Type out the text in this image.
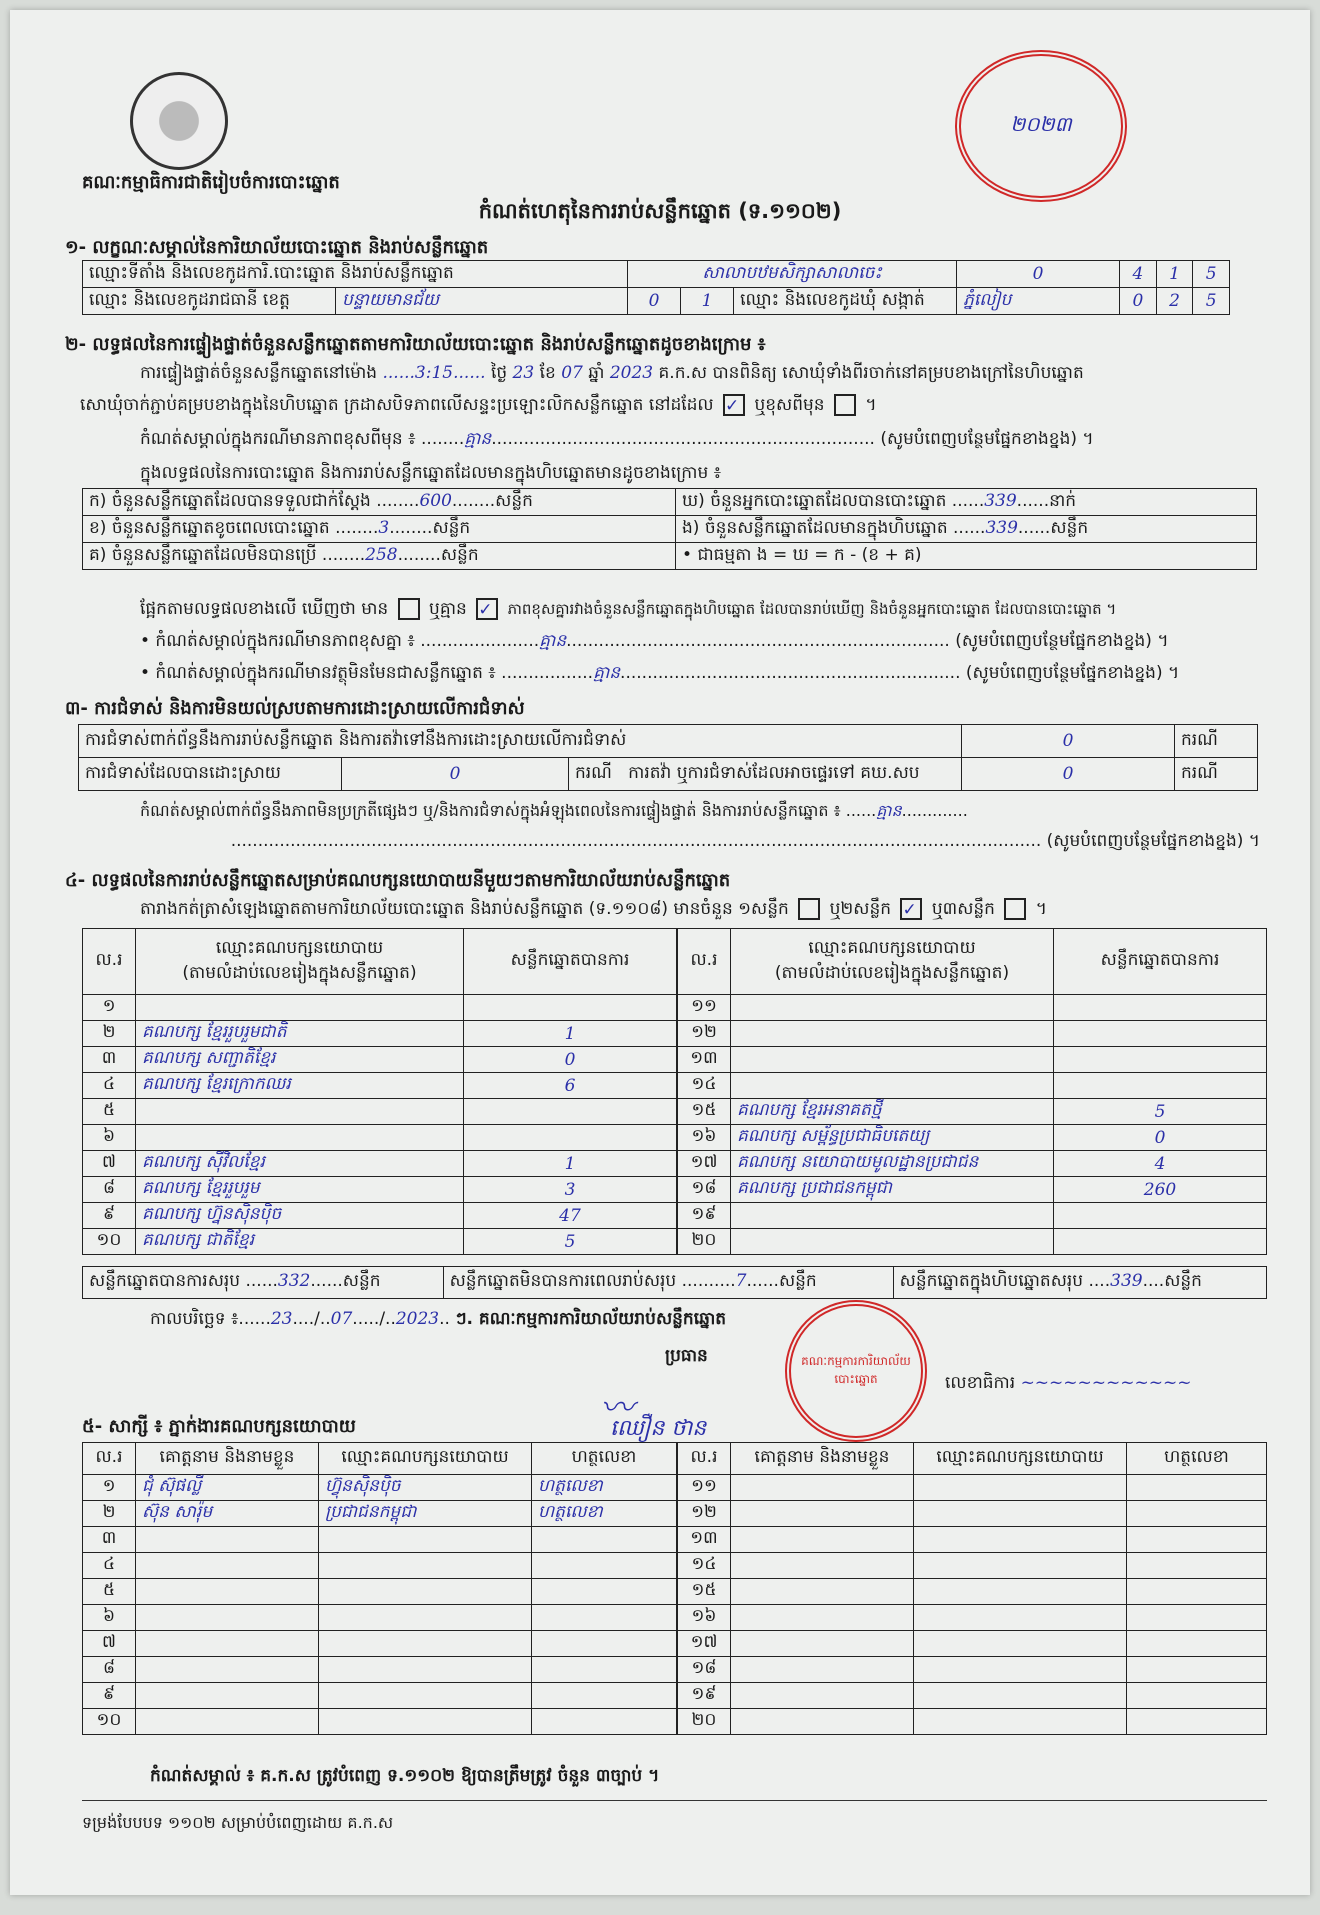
គណៈកម្មាធិការជាតិរៀបចំការបោះឆ្នោត
២០២៣
កំណត់ហេតុនៃការរាប់សន្លឹកឆ្នោត (ទ.១១០២)
១- លក្ខណៈសម្គាល់នៃការិយាល័យបោះឆ្នោត និងរាប់សន្លឹកឆ្នោត
ឈ្មោះទីតាំង និងលេខកូដការិ.បោះឆ្នោត និងរាប់សន្លឹកឆ្នោត		សាលាបឋមសិក្សាសាលាចេះ			0	4	1	5
ឈ្មោះ និងលេខកូដរាជធានី ខេត្ត	បន្ទាយមានជ័យ	0	1	ឈ្មោះ និងលេខកូដឃុំ សង្កាត់	ភ្នំលៀប	0	2	5
២- លទ្ធផលនៃការផ្ទៀងផ្ទាត់ចំនួនសន្លឹកឆ្នោតតាមការិយាល័យបោះឆ្នោត និងរាប់សន្លឹកឆ្នោតដូចខាងក្រោម ៖
ការផ្ទៀងផ្ទាត់ចំនួនសន្លឹកឆ្នោតនៅម៉ោង ......3:15...... ថ្ងៃ 23 ខែ 07 ឆ្នាំ 2023 គ.ក.ស បានពិនិត្យ សោឃុំទាំងពីរចាក់នៅគម្របខាងក្រៅនៃហិបឆ្នោត
សោឃុំចាក់ភ្ជាប់គម្របខាងក្នុងនៃហិបឆ្នោត ក្រដាសបិទភាពលើសន្ទះប្រឡោះលិកសន្លឹកឆ្នោត នៅដដែល ✓ ឬខុសពីមុន  ។
កំណត់សម្គាល់ក្នុងករណីមានភាពខុសពីមុន ៖ ........គ្មាន....................................................................... (សូមបំពេញបន្ថែមផ្នែកខាងខ្នង) ។
ក្នុងលទ្ធផលនៃការបោះឆ្នោត និងការរាប់សន្លឹកឆ្នោតដែលមានក្នុងហិបឆ្នោតមានដូចខាងក្រោម ៖
ក) ចំនួនសន្លឹកឆ្នោតដែលបានទទួលជាក់ស្តែង ........600........សន្លឹក	ឃ) ចំនួនអ្នកបោះឆ្នោតដែលបានបោះឆ្នោត ......339......នាក់
ខ) ចំនួនសន្លឹកឆ្នោតខូចពេលបោះឆ្នោត ........3........សន្លឹក	ង) ចំនួនសន្លឹកឆ្នោតដែលមានក្នុងហិបឆ្នោត ......339......សន្លឹក
គ) ចំនួនសន្លឹកឆ្នោតដែលមិនបានប្រើ ........258........សន្លឹក	• ជាធម្មតា ង = ឃ = ក - (ខ + គ)
ផ្អែកតាមលទ្ធផលខាងលើ ឃើញថា មាន ឬគ្មាន ✓ ភាពខុសគ្នារវាងចំនួនសន្លឹកឆ្នោតក្នុងហិបឆ្នោត ដែលបានរាប់ឃើញ និងចំនួនអ្នកបោះឆ្នោត ដែលបានបោះឆ្នោត ។
• កំណត់សម្គាល់ក្នុងករណីមានភាពខុសគ្នា ៖ ......................គ្មាន....................................................................... (សូមបំពេញបន្ថែមផ្នែកខាងខ្នង) ។
• កំណត់សម្គាល់ក្នុងករណីមានវត្ថុមិនមែនជាសន្លឹកឆ្នោត ៖ .................គ្មាន............................................................... (សូមបំពេញបន្ថែមផ្នែកខាងខ្នង) ។
៣- ការជំទាស់ និងការមិនយល់ស្របតាមការដោះស្រាយលើការជំទាស់
ការជំទាស់ពាក់ព័ន្ធនឹងការរាប់សន្លឹកឆ្នោត និងការតវ៉ាទៅនឹងការដោះស្រាយលើការជំទាស់			0	ករណី
ការជំទាស់ដែលបានដោះស្រាយ	0	ករណី ការតវ៉ា ឬការជំទាស់ដែលអាចផ្ទេរទៅ គឃ.សប	0	ករណី
កំណត់សម្គាល់ពាក់ព័ន្ធនឹងភាពមិនប្រក្រតីផ្សេងៗ ឬ/និងការជំទាស់ក្នុងអំឡុងពេលនៃការផ្ទៀងផ្ទាត់ និងការរាប់សន្លឹកឆ្នោត ៖ ......គ្មាន.............
...................................................................................................................................................... (សូមបំពេញបន្ថែមផ្នែកខាងខ្នង) ។
៤- លទ្ធផលនៃការរាប់សន្លឹកឆ្នោតសម្រាប់គណបក្សនយោបាយនីមួយៗតាមការិយាល័យរាប់សន្លឹកឆ្នោត
តារាងកត់ត្រាសំឡេងឆ្នោតតាមការិយាល័យបោះឆ្នោត និងរាប់សន្លឹកឆ្នោត (ទ.១១០៨) មានចំនួន ១សន្លឹក ឬ២សន្លឹក ✓ ឬ៣សន្លឹក  ។
ល.រ	ឈ្មោះគណបក្សនយោបាយ
(តាមលំដាប់លេខរៀងក្នុងសន្លឹកឆ្នោត)	សន្លឹកឆ្នោតបានការ
១		
២	គណបក្ស ខ្មែររួបរួមជាតិ	1
៣	គណបក្ស សញ្ជាតិខ្មែរ	0
៤	គណបក្ស ខ្មែរក្រោកឈរ	6
៥		
៦		
៧	គណបក្ស ស៊ីវិលខ្មែរ	1
៨	គណបក្ស ខ្មែររួបរួម	3
៩	គណបក្ស ហ្វ៊ុនស៊ិនប៉ិច	47
១០	គណបក្ស ជាតិខ្មែរ	5
ល.រ	ឈ្មោះគណបក្សនយោបាយ
(តាមលំដាប់លេខរៀងក្នុងសន្លឹកឆ្នោត)	សន្លឹកឆ្នោតបានការ
១១		
១២		
១៣		
១៤		
១៥	គណបក្ស ខ្មែរអនាគតថ្មី	5
១៦	គណបក្ស សម្ព័ន្ធប្រជាធិបតេយ្យ	0
១៧	គណបក្ស នយោបាយមូលដ្ឋានប្រជាជន	4
១៨	គណបក្ស ប្រជាជនកម្ពុជា	260
១៩		
២០		
សន្លឹកឆ្នោតបានការសរុប ......332......សន្លឹក	សន្លឹកឆ្នោតមិនបានការពេលរាប់សរុប ..........7......សន្លឹក	សន្លឹកឆ្នោតក្នុងហិបឆ្នោតសរុប ....339....សន្លឹក
កាលបរិច្ឆេទ ៖......23..../..07...../..2023.. ៗ. គណៈកម្មការការិយាល័យរាប់សន្លឹកឆ្នោត
ប្រធាន
〰︎
ឈឿន ថាន
គណៈកម្មការការិយាល័យបោះឆ្នោត	លេខាធិការ ~~~~~~~~~~~~
៥- សាក្សី ៖ ភ្នាក់ងារគណបក្សនយោបាយ
ល.រ	គោត្តនាម និងនាមខ្លួន	ឈ្មោះគណបក្សនយោបាយ	ហត្ថលេខា
១	ជុំ ស៊ុផល្លី	ហ៊្វុនស៊ិនប៉ិច	ហត្ថលេខា
២	ស៊ុន សារ៉ុម	ប្រជាជនកម្ពុជា	ហត្ថលេខា
៣			
៤			
៥			
៦			
៧			
៨			
៩			
១០			
ល.រ	គោត្តនាម និងនាមខ្លួន	ឈ្មោះគណបក្សនយោបាយ	ហត្ថលេខា
១១			
១២			
១៣			
១៤			
១៥			
១៦			
១៧			
១៨			
១៩			
២០			
កំណត់សម្គាល់ ៖ គ.ក.ស ត្រូវបំពេញ ទ.១១០២ ឱ្យបានត្រឹមត្រូវ ចំនួន ៣ច្បាប់ ។
ទម្រង់បែបបទ ១១០២ សម្រាប់បំពេញដោយ គ.ក.ស
